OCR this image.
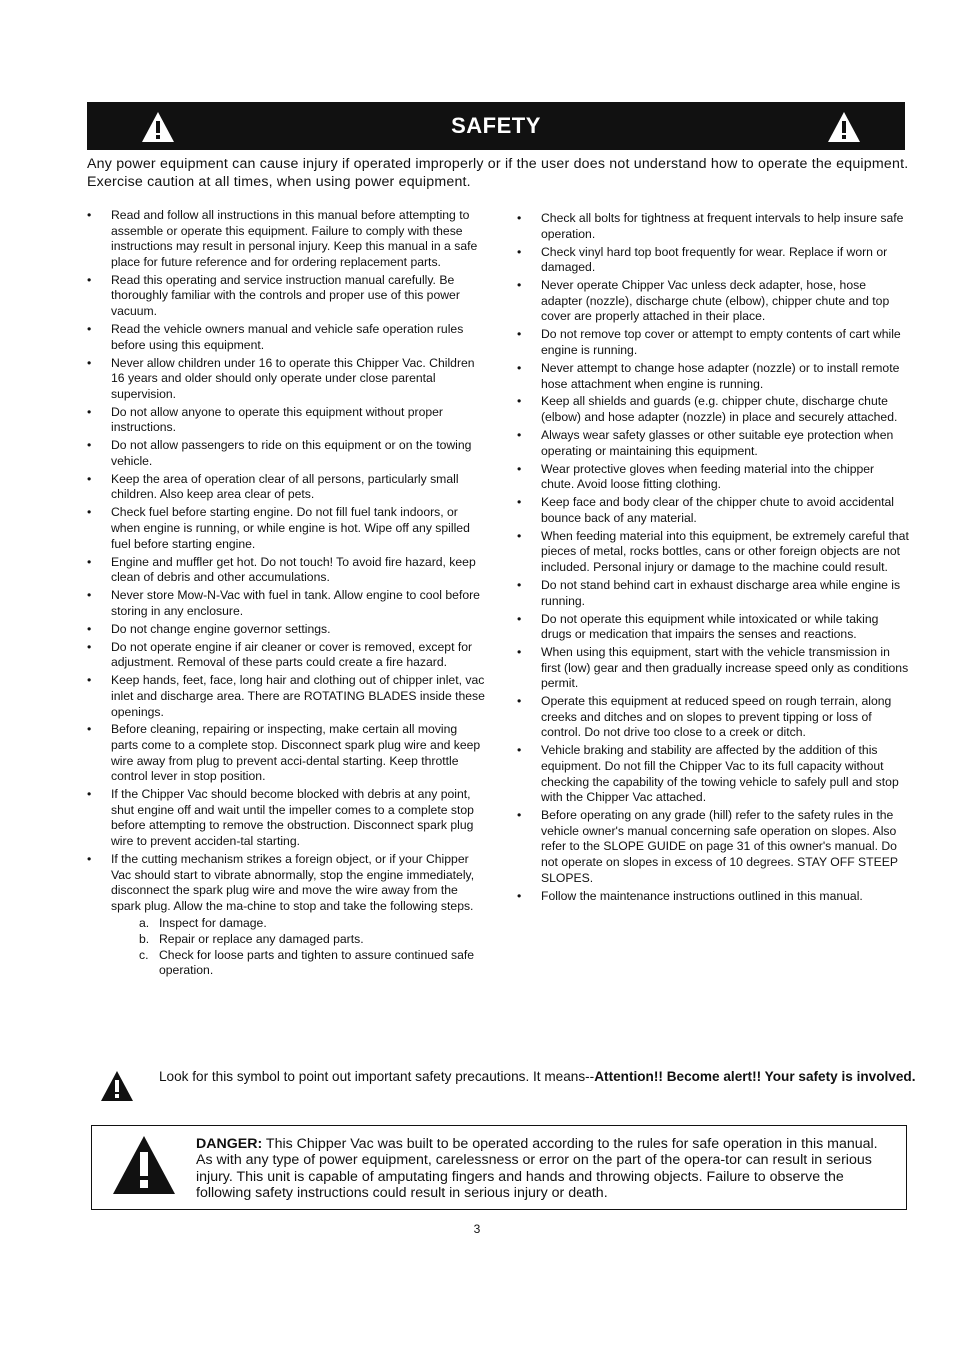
SAFETY
Any power equipment can cause injury if operated improperly or if the user does not understand how to operate the equipment. Exercise caution at all times, when using power equipment.
• Read and follow all instructions in this manual before attempting to assemble or operate this equipment. Failure to comply with these instructions may result in personal injury. Keep this manual in a safe place for future reference and for ordering replacement parts.
• Read this operating and service instruction manual carefully. Be thoroughly familiar with the controls and proper use of this power vacuum.
• Read the vehicle owners manual and vehicle safe operation rules before using this equipment.
• Never allow children under 16 to operate this Chipper Vac. Children 16 years and older should only operate under close parental supervision.
• Do not allow anyone to operate this equipment without proper instructions.
• Do not allow passengers to ride on this equipment or on the towing vehicle.
• Keep the area of operation clear of all persons, particularly small children. Also keep area clear of pets.
• Check fuel before starting engine. Do not fill fuel tank indoors, or when engine is running, or while engine is hot. Wipe off any spilled fuel before starting engine.
• Engine and muffler get hot. Do not touch! To avoid fire hazard, keep clean of debris and other accumulations.
• Never store Mow-N-Vac with fuel in tank. Allow engine to cool before storing in any enclosure.
• Do not change engine governor settings.
• Do not operate engine if air cleaner or cover is removed, except for adjustment. Removal of these parts could create a fire hazard.
• Keep hands, feet, face, long hair and clothing out of chipper inlet, vac inlet and discharge area. There are ROTATING BLADES inside these openings.
• Before cleaning, repairing or inspecting, make certain all moving parts come to a complete stop. Disconnect spark plug wire and keep wire away from plug to prevent acci-dental starting. Keep throttle control lever in stop position.
• If the Chipper Vac should become blocked with debris at any point, shut engine off and wait until the impeller comes to a complete stop before attempting to remove the obstruction. Disconnect spark plug wire to prevent acciden-tal starting.
• If the cutting mechanism strikes a foreign object, or if your Chipper Vac should start to vibrate abnormally, stop the engine immediately, disconnect the spark plug wire and move the wire away from the spark plug. Allow the ma-chine to stop and take the following steps.
a. Inspect for damage.
b. Repair or replace any damaged parts.
c. Check for loose parts and tighten to assure continued safe operation.
• Check all bolts for tightness at frequent intervals to help insure safe operation.
• Check vinyl hard top boot frequently for wear. Replace if worn or damaged.
• Never operate Chipper Vac unless deck adapter, hose, hose adapter (nozzle), discharge chute (elbow), chipper chute and top cover are properly attached in their place.
• Do not remove top cover or attempt to empty contents of cart while engine is running.
• Never attempt to change hose adapter (nozzle) or to install remote hose attachment when engine is running.
• Keep all shields and guards (e.g. chipper chute, discharge chute (elbow) and hose adapter (nozzle) in place and securely attached.
• Always wear safety glasses or other suitable eye protection when operating or maintaining this equipment.
• Wear protective gloves when feeding material into the chipper chute. Avoid loose fitting clothing.
• Keep face and body clear of the chipper chute to avoid accidental bounce back of any material.
• When feeding material into this equipment, be extremely careful that pieces of metal, rocks bottles, cans or other foreign objects are not included. Personal injury or damage to the machine could result.
• Do not stand behind cart in exhaust discharge area while engine is running.
• Do not operate this equipment while intoxicated or while taking drugs or medication that impairs the senses and reactions.
• When using this equipment, start with the vehicle transmission in first (low) gear and then gradually increase speed only as conditions permit.
• Operate this equipment at reduced speed on rough terrain, along creeks and ditches and on slopes to prevent tipping or loss of control. Do not drive too close to a creek or ditch.
• Vehicle braking and stability are affected by the addition of this equipment. Do not fill the Chipper Vac to its full capacity without checking the capability of the towing vehicle to safely pull and stop with the Chipper Vac attached.
• Before operating on any grade (hill) refer to the safety rules in the vehicle owner's manual concerning safe operation on slopes. Also refer to the SLOPE GUIDE on page 31 of this owner's manual. Do not operate on slopes in excess of 10 degrees. STAY OFF STEEP SLOPES.
• Follow the maintenance instructions outlined in this manual.
Look for this symbol to point out important safety precautions. It means--Attention!! Become alert!! Your safety is involved.
DANGER: This Chipper Vac was built to be operated according to the rules for safe operation in this manual. As with any type of power equipment, carelessness or error on the part of the opera-tor can result in serious injury. This unit is capable of amputating fingers and hands and throwing objects. Failure to observe the following safety instructions could result in serious injury or death.
3
